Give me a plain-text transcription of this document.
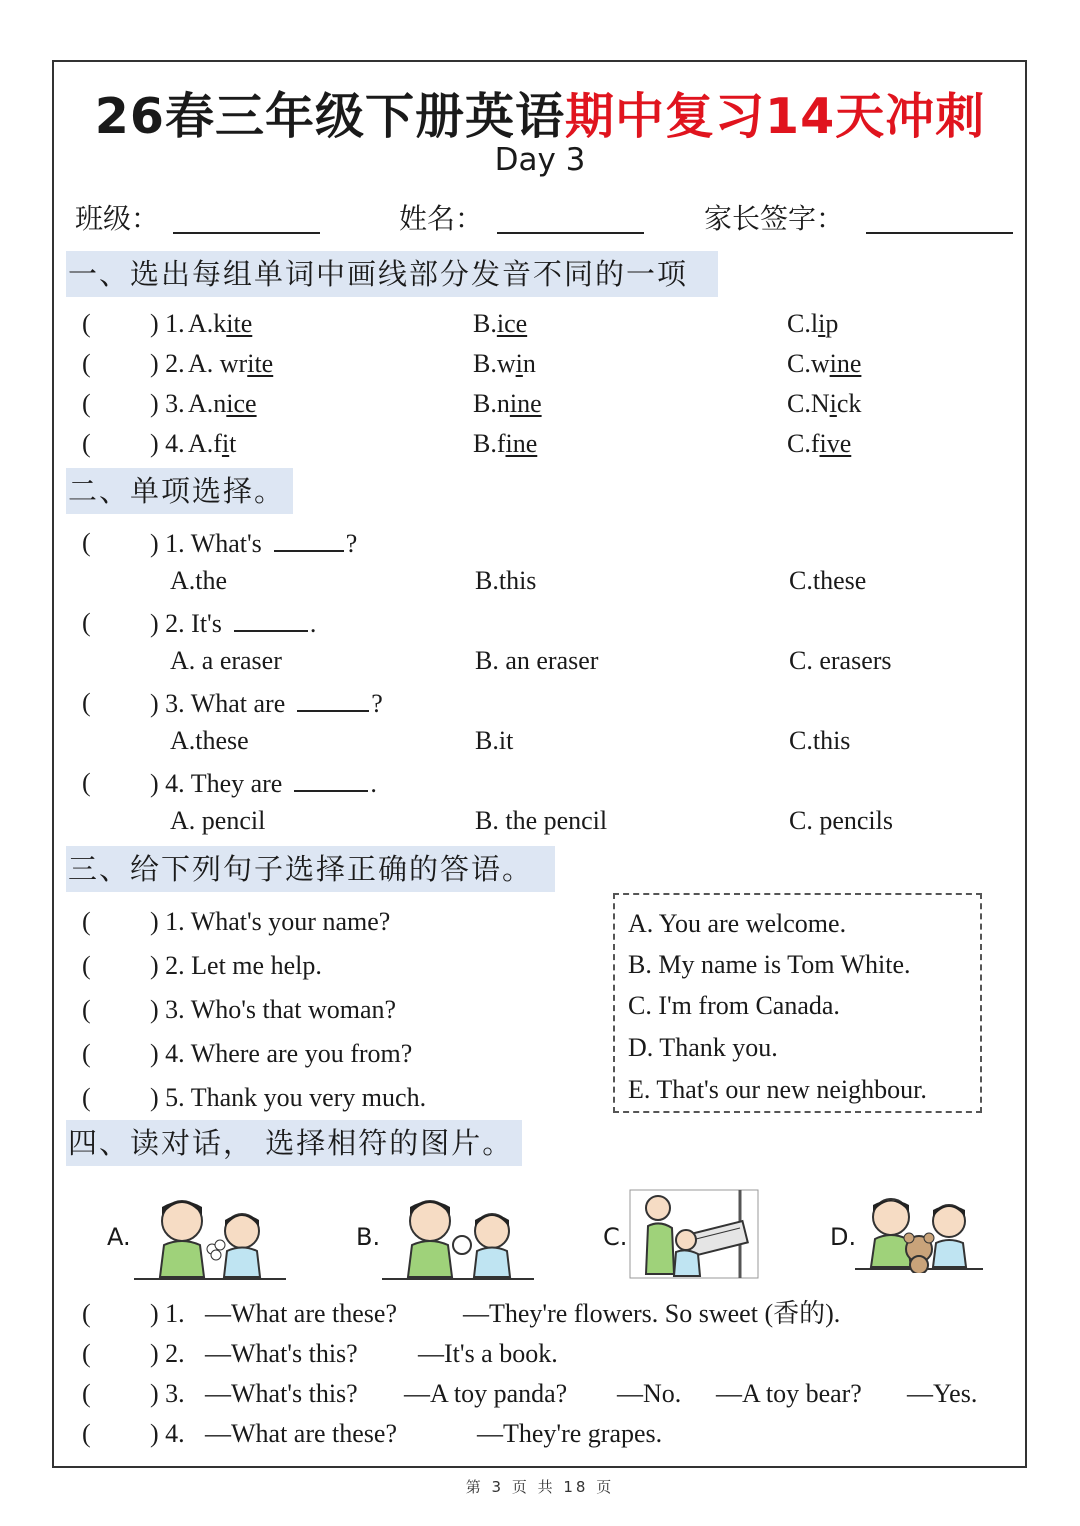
26春三年级下册英语期中复习14天冲刺
Day 3
班级：	姓名：	家长签字：
一、选出每组单词中画线部分发音不同的一项
( ) 1. A.kite	B.ice	C.lip
( ) 2. A. write	B.win	C.wine
( ) 3. A.nice	B.nine	C.Nick
( ) 4. A.fit	B.fine	C.five
二、单项选择。
( ) 1. What's	?
A.the	B.this	C.these
( ) 2. It's	.
A. a eraser	B. an eraser	C. erasers
( ) 3. What are	?
A.these	B.it	C.this
( ) 4. They are	.
A. pencil	B. the pencil	C. pencils
三、给下列句子选择正确的答语。
( ) 1. What's your name?
( ) 2. Let me help.
( ) 3. Who's that woman?
( ) 4. Where are you from?
( ) 5. Thank you very much.
A. You are welcome.
B. My name is Tom White.
C. I'm from Canada.
D. Thank you.
E. That's our new neighbour.
四、读对话， 选择相符的图片。
A.	B.	C.	D.
( ) 1. —What are these?	—They're flowers. So sweet (香的).
( ) 2. —What's this? —It's a book.
( ) 3. —What's this? —A toy panda? —No. —A toy bear? —Yes.
( ) 4. —What are these?	—They're grapes.
第 3 页 共 18 页
